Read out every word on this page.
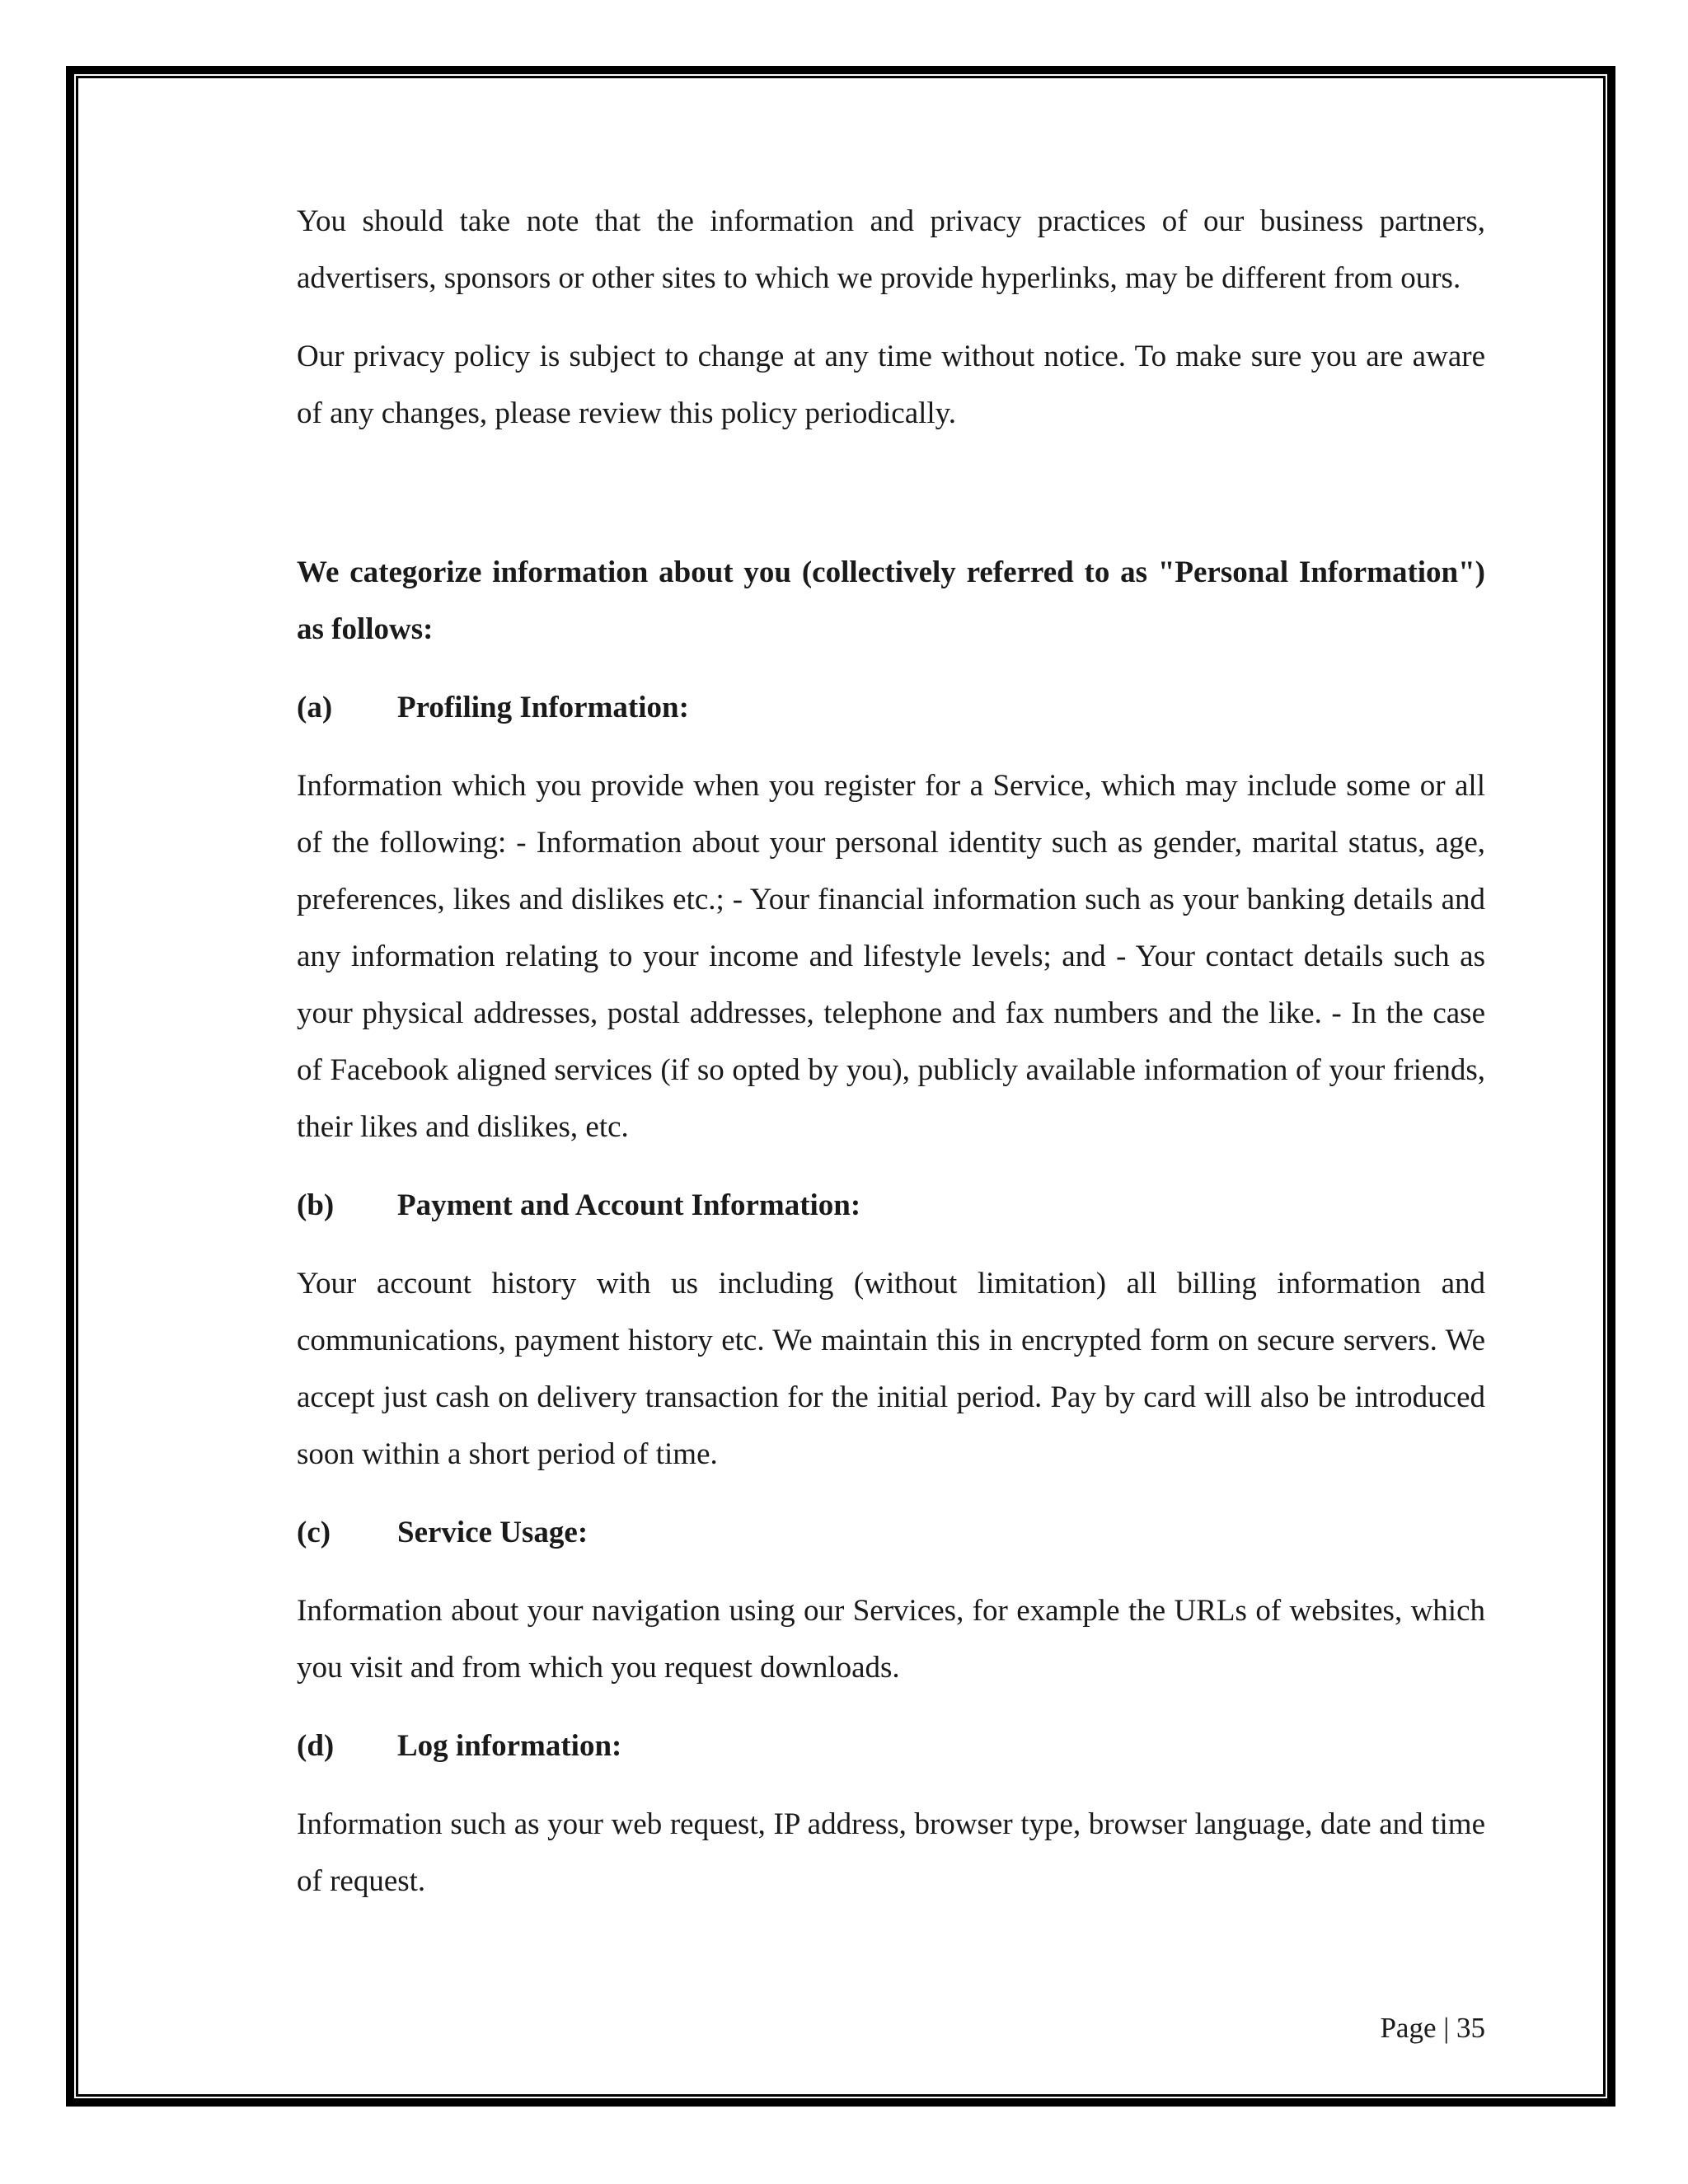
You should take note that the information and privacy practices of our business partners, advertisers, sponsors or other sites to which we provide hyperlinks, may be different from ours.

Our privacy policy is subject to change at any time without notice. To make sure you are aware of any changes, please review this policy periodically.

We categorize information about you (collectively referred to as "Personal Information") as follows:

(a)	Profiling Information:

Information which you provide when you register for a Service, which may include some or all of the following: - Information about your personal identity such as gender, marital status, age, preferences, likes and dislikes etc.; - Your financial information such as your banking details and any information relating to your income and lifestyle levels; and - Your contact details such as your physical addresses, postal addresses, telephone and fax numbers and the like. - In the case of Facebook aligned services (if so opted by you), publicly available information of your friends, their likes and dislikes, etc.

(b)	Payment and Account Information:

Your account history with us including (without limitation) all billing information and communications, payment history etc. We maintain this in encrypted form on secure servers. We accept just cash on delivery transaction for the initial period. Pay by card will also be introduced soon within a short period of time.

(c)	Service Usage:

Information about your navigation using our Services, for example the URLs of websites, which you visit and from which you request downloads.

(d)	Log information:

Information such as your web request, IP address, browser type, browser language, date and time of request.

Page | 35
